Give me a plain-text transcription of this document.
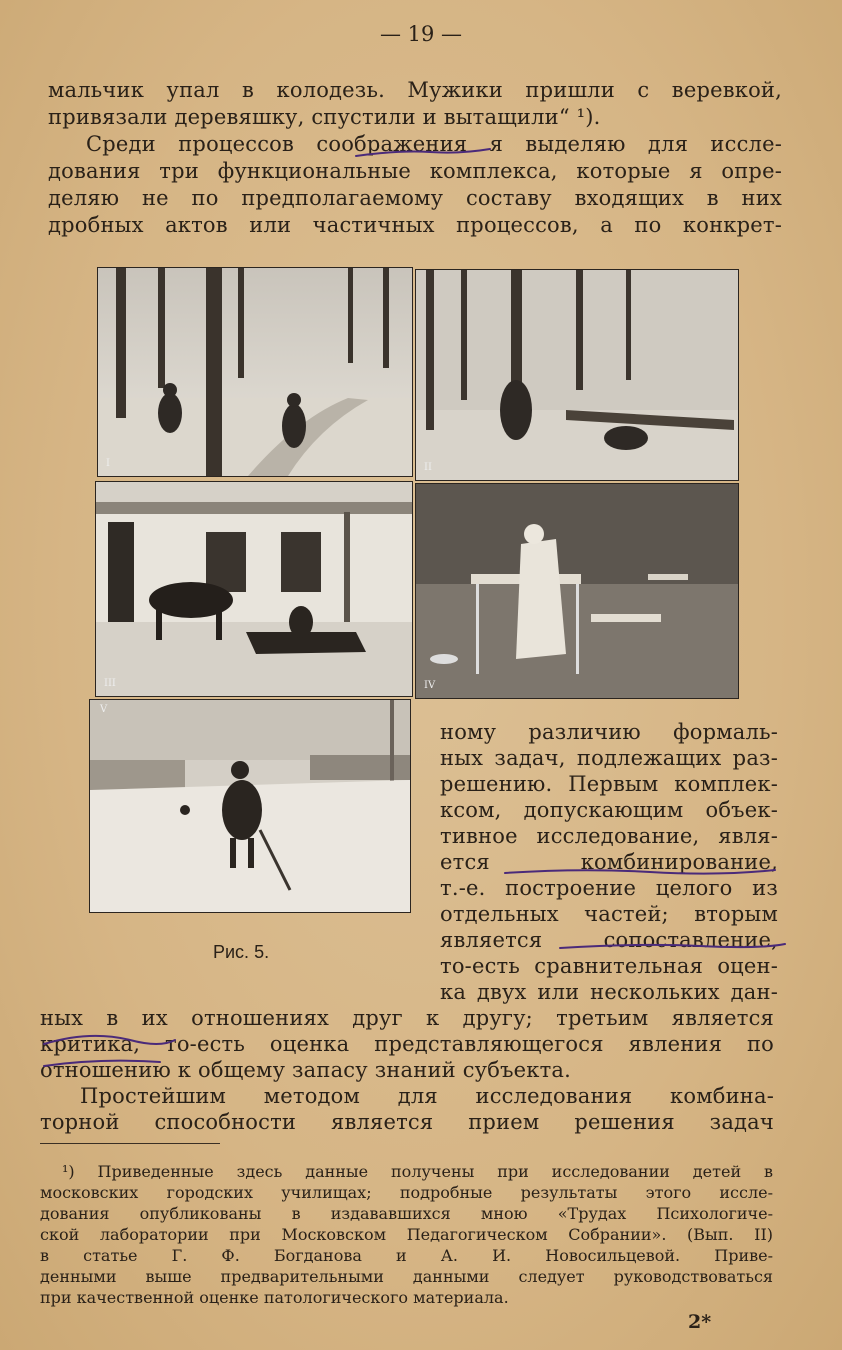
— 19 —
мальчик упал в колодезь. Мужики пришли с веревкой,
привязали деревяшку, спустили и вытащили“ ¹).
Среди процессов соображения я выделяю для иссле-
дования три функциональные комплекса, которые я опре-
деляю не по предполагаемому составу входящих в них
дробных актов или частичных процессов, а по конкрет-
I	II
III	IV
V
Рис. 5.
ному различию формаль-
ных задач, подлежащих раз-
решению. Первым комплек-
ксом, допускающим объек-
тивное исследование, явля-
ется комбинирование,
т.-е. построение целого из
отдельных частей; вторым
является сопоставление,
то-есть сравнительная оцен-
ка двух или нескольких дан-
ных в их отношениях друг к другу; третьим является
критика, то-есть оценка представляющегося явления по
отношению к общему запасу знаний субъекта.
Простейшим методом для исследования комбина-
торной способности является прием решения задач
¹) Приведенные здесь данные получены при исследовании детей в
московских городских училищах; подробные результаты этого иссле-
дования опубликованы в издававшихся мною «Трудах Психологиче-
ской лаборатории при Московском Педагогическом Собрании». (Вып. II)
в статье Г. Ф. Богданова и А. И. Новосильцевой. Приве-
денными выше предварительными данными следует руководствоваться
при качественной оценке патологического материала.
2*
